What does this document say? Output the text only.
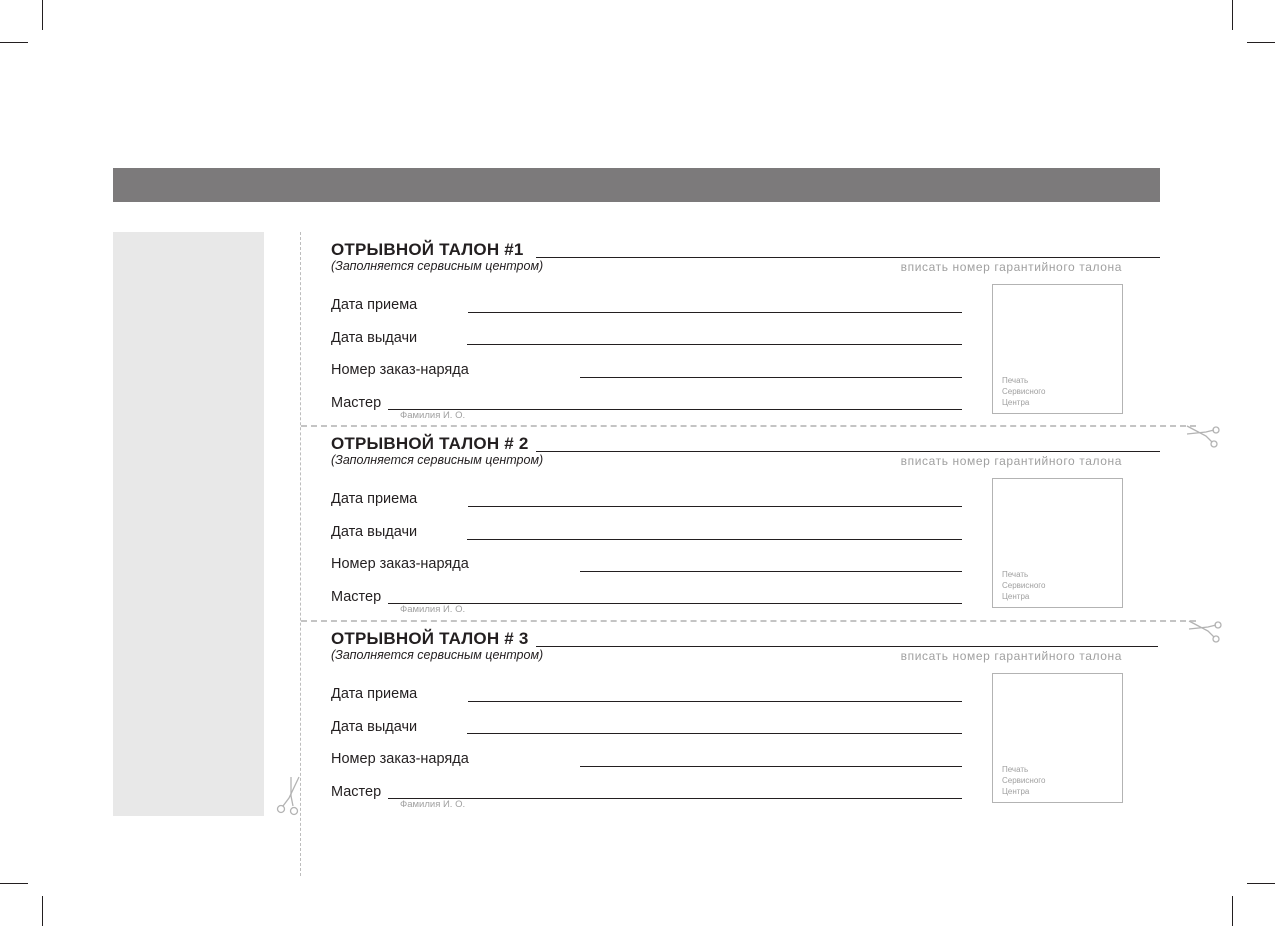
ОТРЫВНОЙ ТАЛОН #1
(Заполняется сервисным центром)	вписать номер гарантийного талона
Дата приема
Дата выдачи
Номер заказ-наряда
Мастер
Фамилия И. О.
Печать
Сервисного
Центра
ОТРЫВНОЙ ТАЛОН # 2
(Заполняется сервисным центром)	вписать номер гарантийного талона
Дата приема
Дата выдачи
Номер заказ-наряда
Мастер
Фамилия И. О.
Печать
Сервисного
Центра
ОТРЫВНОЙ ТАЛОН # 3
(Заполняется сервисным центром)	вписать номер гарантийного талона
Дата приема
Дата выдачи
Номер заказ-наряда
Мастер
Фамилия И. О.
Печать
Сервисного
Центра
